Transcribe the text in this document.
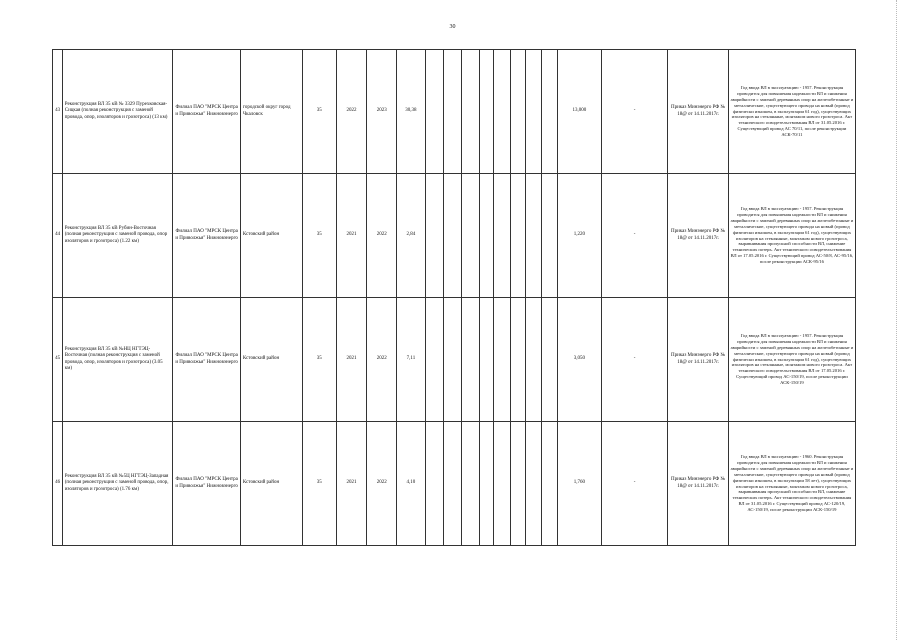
30
43	Реконструкция ВЛ 35 кВ № 3329 Пурехковская-Сицкая (полная реконструкция с заменой провода, опор, изоляторов и грозотроса) (13 км)	Филиал ПАО "МРСК Центра и Приволжья" Нижновэнерго	городской округ город Чкаловск	35	2022	2023	30,38									13,000	-	Приказ Минэнерго РФ № 18@ от 14.11.2017г.	Год ввода ВЛ в эксплуатацию - 1957. Реконструкция проводится для повышения надежности ВЛ и снижения аварийности с заменой деревянных опор на железобетонные и металлические, существующего провода на новый (провод физически изношен, в эксплуатации 61 год), существующих изоляторов на стеклянные, монтажом нового грозотроса. Акт технического освидетельствования ВЛ от 31.05.2016 г. Существующий провод АС 70/11, после реконструкции АСК-70/11
44	Реконструкция ВЛ 35 кВ Рубин-Восточная (полная реконструкция с заменой провода, опор изоляторов и грозотроса) (1.22 км)	Филиал ПАО "МРСК Центра и Приволжья" Нижновэнерго	Кстовский район	35	2021	2022	2,84									1,220	-	Приказ Минэнерго РФ № 18@ от 14.11.2017г.	Год ввода ВЛ в эксплуатацию - 1957. Реконструкция проводится для повышения надежности ВЛ и снижения аварийности с заменой деревянных опор на железобетонные и металлические, существующего провода на новый (провод физически изношен, в эксплуатации 61 год), существующих изоляторов на стеклянные, монтажом нового грозотроса, выравнивания пропускной способности ВЛ, снижение технических потерь. Акт технического освидетельствования ВЛ от 17.05.2016 г. Существующий провод АС-50/8, АС-95/16, после реконструкции АСК-95/16
45	Реконструкция ВЛ 35 кВ №НЦ НГТЭЦ-Восточная (полная реконструкция с заменой провода, опор, изоляторов и грозотроса) (3.05 км)	Филиал ПАО "МРСК Центра и Приволжья" Нижновэнерго	Кстовский район	35	2021	2022	7,11									3,050	-	Приказ Минэнерго РФ № 18@ от 14.11.2017г.	Год ввода ВЛ в эксплуатацию - 1957. Реконструкция проводится для повышения надежности ВЛ и снижения аварийности с заменой деревянных опор на железобетонные и металлические, существующего провода на новый (провод физически изношен, в эксплуатации 61 год), существующих изоляторов на стеклянные, монтажом нового грозотроса. Акт технического освидетельствования ВЛ от 17.05.2016 г. Существующий провод АС-150/19, после реконструкции АСК-150/19
46	Реконструкция ВЛ 35 кВ №5Ц НГТЭЦ-Западная (полная реконструкция с заменой провода, опор, изоляторов и грозотроса) (1.76 км)	Филиал ПАО "МРСК Центра и Приволжья" Нижновэнерго	Кстовский район	35	2021	2022	4,10									1,760	-	Приказ Минэнерго РФ № 18@ от 14.11.2017г.	Год ввода ВЛ в эксплуатацию - 1960. Реконструкция проводится для повышения надежности ВЛ и снижения аварийности с заменой деревянных опор на железобетонные и металлические, существующего провода на новый (провод физически изношен, в эксплуатации 58 лет), существующих изоляторов на стеклянные, монтажом нового грозотроса, выравнивания пропускной способности ВЛ, снижение технических потерь. Акт технического освидетельствования ВЛ от 31.05.2016 г. Существующий провод АС-120/19, АС-150/19, после реконструкции АСК-150/19
